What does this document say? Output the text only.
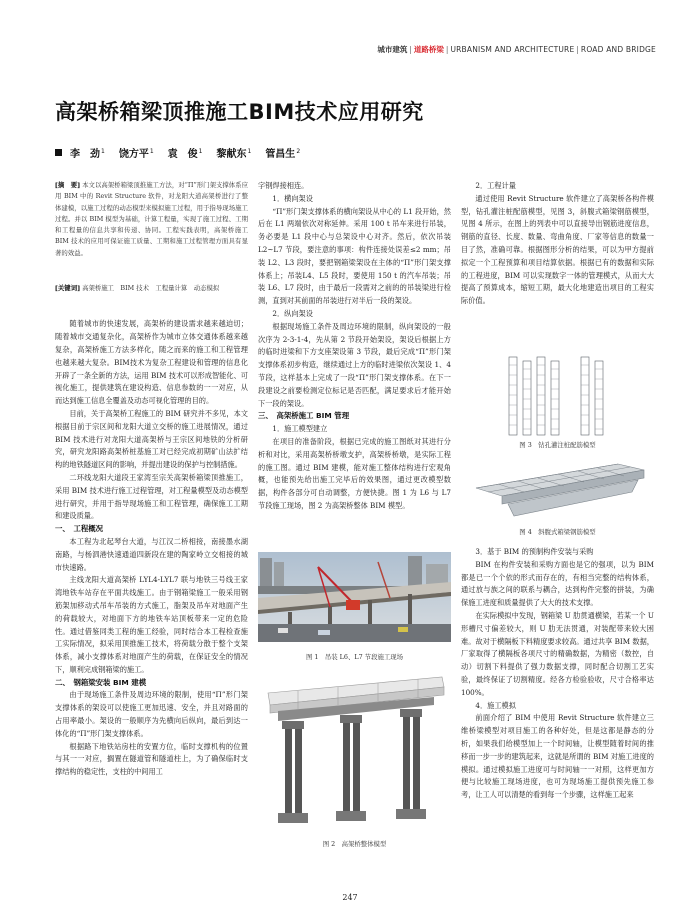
城市建筑 | 道路桥梁 | URBANISM AND ARCHITECTURE | ROAD AND BRIDGE
高架桥箱梁顶推施工BIM技术应用研究
李　劲$^1$ 饶方平$^1$ 袁　俊$^1$ 黎献东$^1$ 管昌生$^2$
[摘　要] 本文以高架桥箱梁顶推施工方法，对“Π”形门架支撑体系应用 BIM 中的 Revit Structure 软件，对龙阳大道高架桥进行了整体建模，以施工过程的动态模型来模拟施工过程，用于指导现场施工过程。并以 BIM 模型为基础，计算工程量，实现了施工过程、工期和工程量的信息共享和传递、协同。工程实践表明，高架桥施工 BIM 技术的应用可保证施工质量、工期和施工过程管理方面具有显著的效益。
[关键词] 高架桥施工　BIM 技术　工程量计算　动态模拟

随着城市的快速发展，高架桥的建设需求越来越迫切；随着城市交通复杂化，高架桥作为城市立体交通体系越来越复杂，高架桥施工方法多样化，随之而来的施工和工程管理也越来越大复杂。BIM技术为复杂工程建设和管理的信息化开辟了一条全新的方法，运用 BIM 技术可以形成智能化、可视化施工，提供建筑在建设构造、信息参数的一一对应，从而达到施工信息全覆盖及动态可视化管理的目的。

目前，关于高架桥工程施工的 BIM 研究并不多见，本文根据目前于宗区间和龙阳大道立交桥的施工进展情况，通过 BIM 技术进行对龙阳大道高架桥与王宗区间地铁的分析研究，研究龙阳路高架桥桩基施工对已经完成初期矿山法扩结构的地铁隧道区间的影响，并提出建设的保护与控制措施。

二环线龙阳大道段王家湾至宗关高架桥箱梁顶推施工，采用 BIM 技术进行施工过程管理，对工程量模型及动态模型进行研究，并用于指导现场施工和工程管理，确保施工工期和建设质量。

一、　工程概况

本工程为北起琴台大道，与江汉二桥相接，南接墨水湖南路，与杨泗港快速通道四新段在建的陶家岭立交相接的城市快速路。

主线龙阳大道高架桥 LYL4-LYL7 联与地铁三号线王家湾地铁车站存在平面共线施工。由于钢箱梁施工一般采用钢筋架加移动式吊车吊装的方式施工，脂架及吊车对地面产生的荷载较大，对地面下方的地铁车站顶板带来一定的危险性。通过借鉴同类工程的施工经验，同时结合本工程检查施工实际情况，拟采用顶推施工技术，将荷载分散于整个支架体系，减小支撑体系对地面产生的荷载，在保证安全的情况下，顺利完成钢箱梁的施工。

二、　钢箱梁安装 BIM 建模

由于现场施工条件及周边环境的限制，使用“Π”形门架支撑体系的架设可以使施工更加迅速、安全，并且对路面的占用率最小。架设的一般顺序为先横向后纵向，最后到达一体化的“Π”形门架支撑体系。

根据路下地铁站房柱的安置方位，临时支撑机构的位置与其一一对应，搁置在隧道管和隧道柱上，为了确保临时支撑结构的稳定性，支柱的中间用工

字钢焊接相连。

1．横向架设

“Π”形门架支撑体系的横向架设从中心的 L1 段开始，然后在 L1 两端依次对称延伸。采用 100 t 吊车来进行吊装，务必要是 L1 段中心与总架设中心对齐。然后，依次吊装 L2~L7 节段，要注意的事项：构件连接处误差≤2 mm；吊装 L2、L3 段时，要把钢箱梁架设在主体的“Π”形门架支撑体系上；吊装L4、L5 段时，要使用 150 t 的汽车吊装；吊装 L6、L7 段时，由于最后一段需对之前的的吊装梁进行检测，直到对其前面的吊装进行对半后一段的架设。

2．纵向架设

根据现场施工条件及周边环境的限制，纵向架设的一般次序为 2-3-1-4，先从第 2 节段开始架设，架设后根据上方的临时进梁和下方支座架设第 3 节段，最后完成“Π”形门架支撑体系初步构造，继续通过上方的临时进梁依次架设 1、4 节段，这样基本上完成了一段“Π”形门架支撑体系。在下一段建设之前要检测定位标记是否匹配，满足要求后才能开始下一段的架设。

三、　高架桥施工 BIM 管理

1．施工模型建立

在项目的准备阶段，根据已完成的施工图纸对其进行分析和对比，采用高架桥桥墩支护，高架桥桥墩，是实际工程的施工图。通过 BIM 建模，能对施工整体结构进行宏观角概，也能预先给出施工完毕后的效果图，通过更改模型数据，构件各部分可自动调整，方便快捷。图 1 为 L6 与 L7 节段施工现场，图 2 为高架桥整体 BIM 模型。

图 1　吊装 L6、L7 节段施工现场
图 2　高架桥整体模型

2．工程计量

通过使用 Revit Structure 软件建立了高架桥各构件模型，钻孔灌注桩配筋模型，见图 3，斜腹式箱梁钢筋模型，见图 4 所示，在图上的列表中可以直接导出钢筋进度信息，钢筋的直径、长度、数量、弯曲角度、厂家等信息的数量一目了然，准确可靠。根据图形分析的结果，可以为甲方提前拟定一个工程预算和项目结算依据。根据已有的数据和实际的工程进度，BIM 可以实现数字一体的管理模式，从而大大提高了预算成本，缩短工期，最大化地建造出项目的工程实际价值。

图 3　钻孔灌注桩配筋模型
图 4　斜腹式箱梁钢筋模型

3．基于 BIM 的预制构件安装与采购

BIM 在构件安装和采购方面也是它的强项，以为 BIM 都是已一个个依的形式而存在的，有相当完整的结构体系，通过放与族之间的联系与耦合，达到构件完整的拼装，为确保施工进度和质量提供了大大的技术支撑。

在实际模拟中发现，钢箱梁 U 肋贯通横梁，若某一个 U 形槽尺寸偏差较大，则 U 肋无法贯通，对装配带来较大困难。故对于横隔板下料精度要求较高。通过共享 BIM 数据，厂家取得了横隔板各项尺寸的精确数据，为精密（数控，自动）切割下料提供了强力数据支撑，同时配合切割工艺实验，最终保证了切割精度。经各方检验验收，尺寸合格率达100%。

4．施工模拟

前面介绍了 BIM 中使用 Revit Structure 软件建立三维桥梁模型对项目施工的各种好处，但是这都是静态的分析，如果我们给模型加上一个时间轴，让模型随着时间的推移而一步一步的建筑起来，这就是所谓的 BIM 对施工进度的模拟。通过模拟施工进度可与时间轴一一对照，这样更加方便与比较施工现场进度，也可为现场施工提供预先施工参考，让工人可以清楚的看到每一个步骤，这样施工起来

247
